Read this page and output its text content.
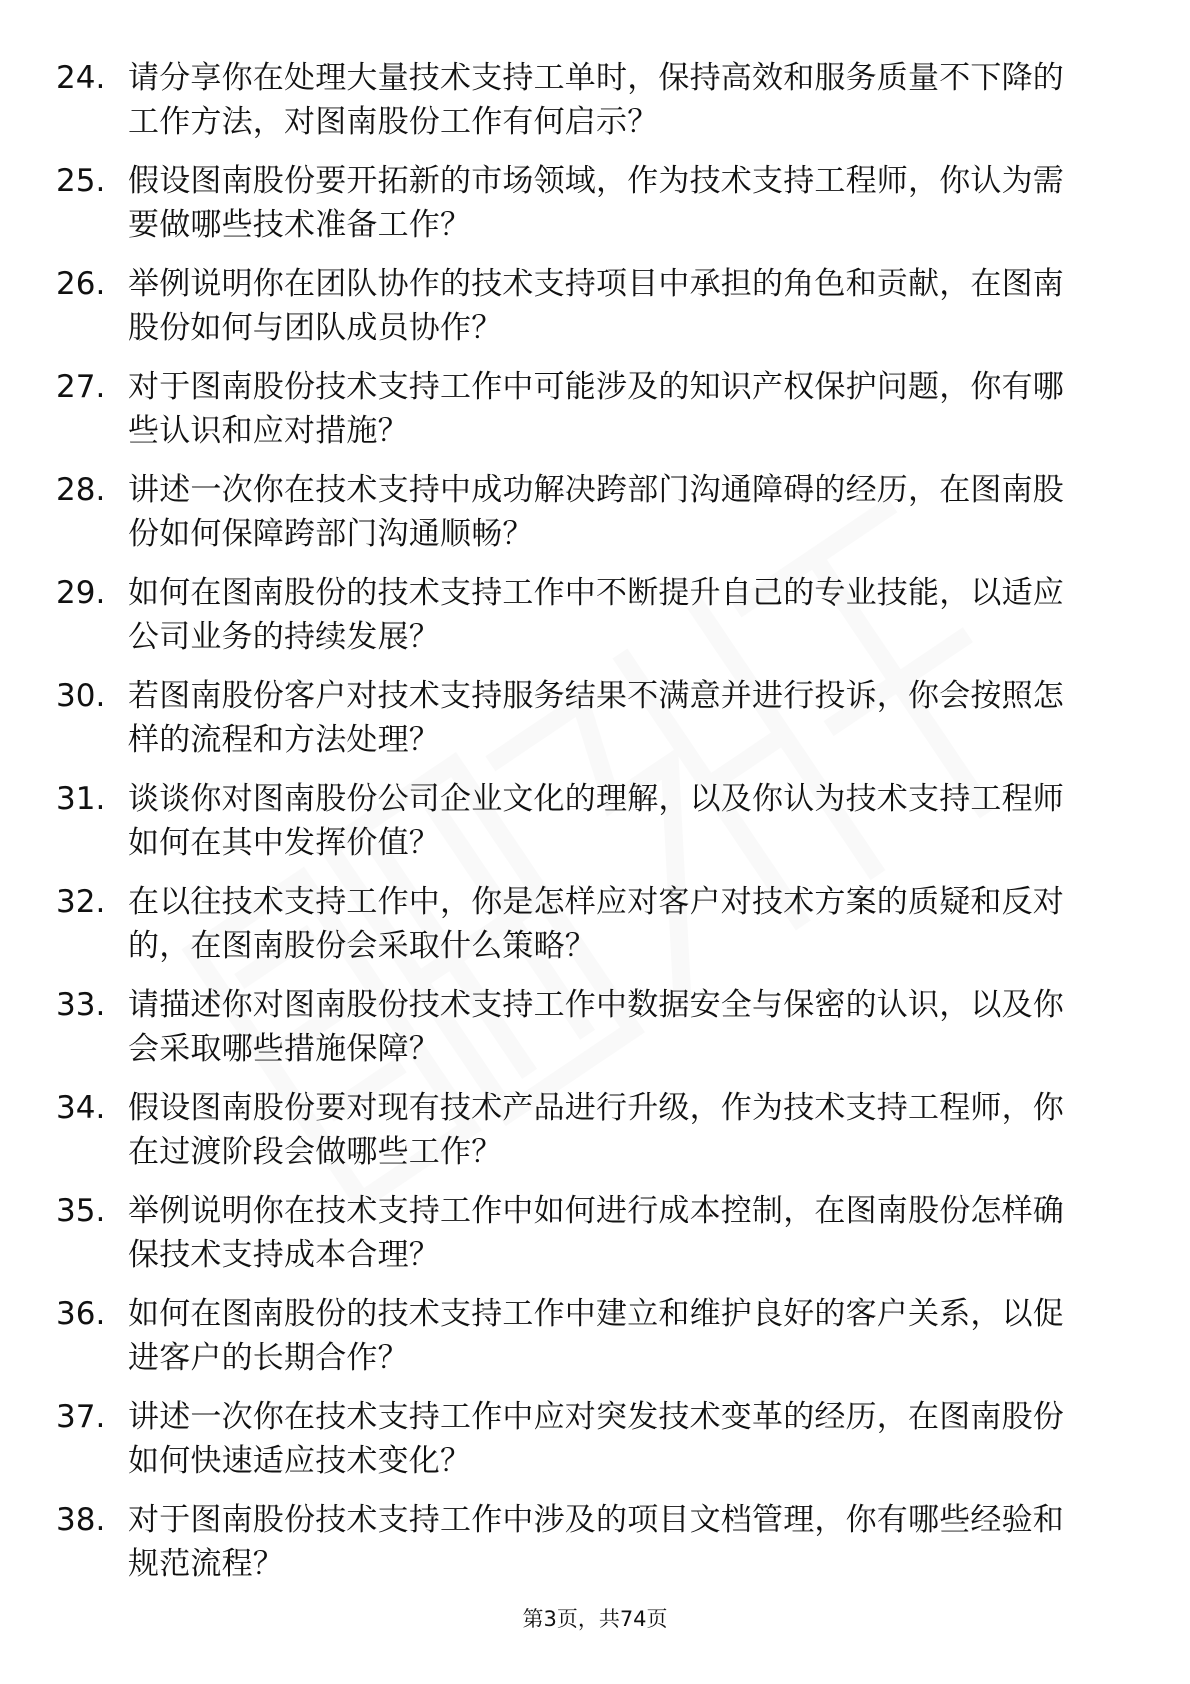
24. 请分享你在处理大量技术支持工单时，保持高效和服务质量不下降的工作方法，对图南股份工作有何启示？
25. 假设图南股份要开拓新的市场领域，作为技术支持工程师，你认为需要做哪些技术准备工作？
26. 举例说明你在团队协作的技术支持项目中承担的角色和贡献，在图南股份如何与团队成员协作？
27. 对于图南股份技术支持工作中可能涉及的知识产权保护问题，你有哪些认识和应对措施？
28. 讲述一次你在技术支持中成功解决跨部门沟通障碍的经历，在图南股份如何保障跨部门沟通顺畅？
29. 如何在图南股份的技术支持工作中不断提升自己的专业技能，以适应公司业务的持续发展？
30. 若图南股份客户对技术支持服务结果不满意并进行投诉，你会按照怎样的流程和方法处理？
31. 谈谈你对图南股份公司企业文化的理解，以及你认为技术支持工程师如何在其中发挥价值？
32. 在以往技术支持工作中，你是怎样应对客户对技术方案的质疑和反对的，在图南股份会采取什么策略？
33. 请描述你对图南股份技术支持工作中数据安全与保密的认识，以及你会采取哪些措施保障？
34. 假设图南股份要对现有技术产品进行升级，作为技术支持工程师，你在过渡阶段会做哪些工作？
35. 举例说明你在技术支持工作中如何进行成本控制，在图南股份怎样确保技术支持成本合理？
36. 如何在图南股份的技术支持工作中建立和维护良好的客户关系，以促进客户的长期合作？
37. 讲述一次你在技术支持工作中应对突发技术变革的经历，在图南股份如何快速适应技术变化？
38. 对于图南股份技术支持工作中涉及的项目文档管理，你有哪些经验和规范流程？
第3页，共74页
